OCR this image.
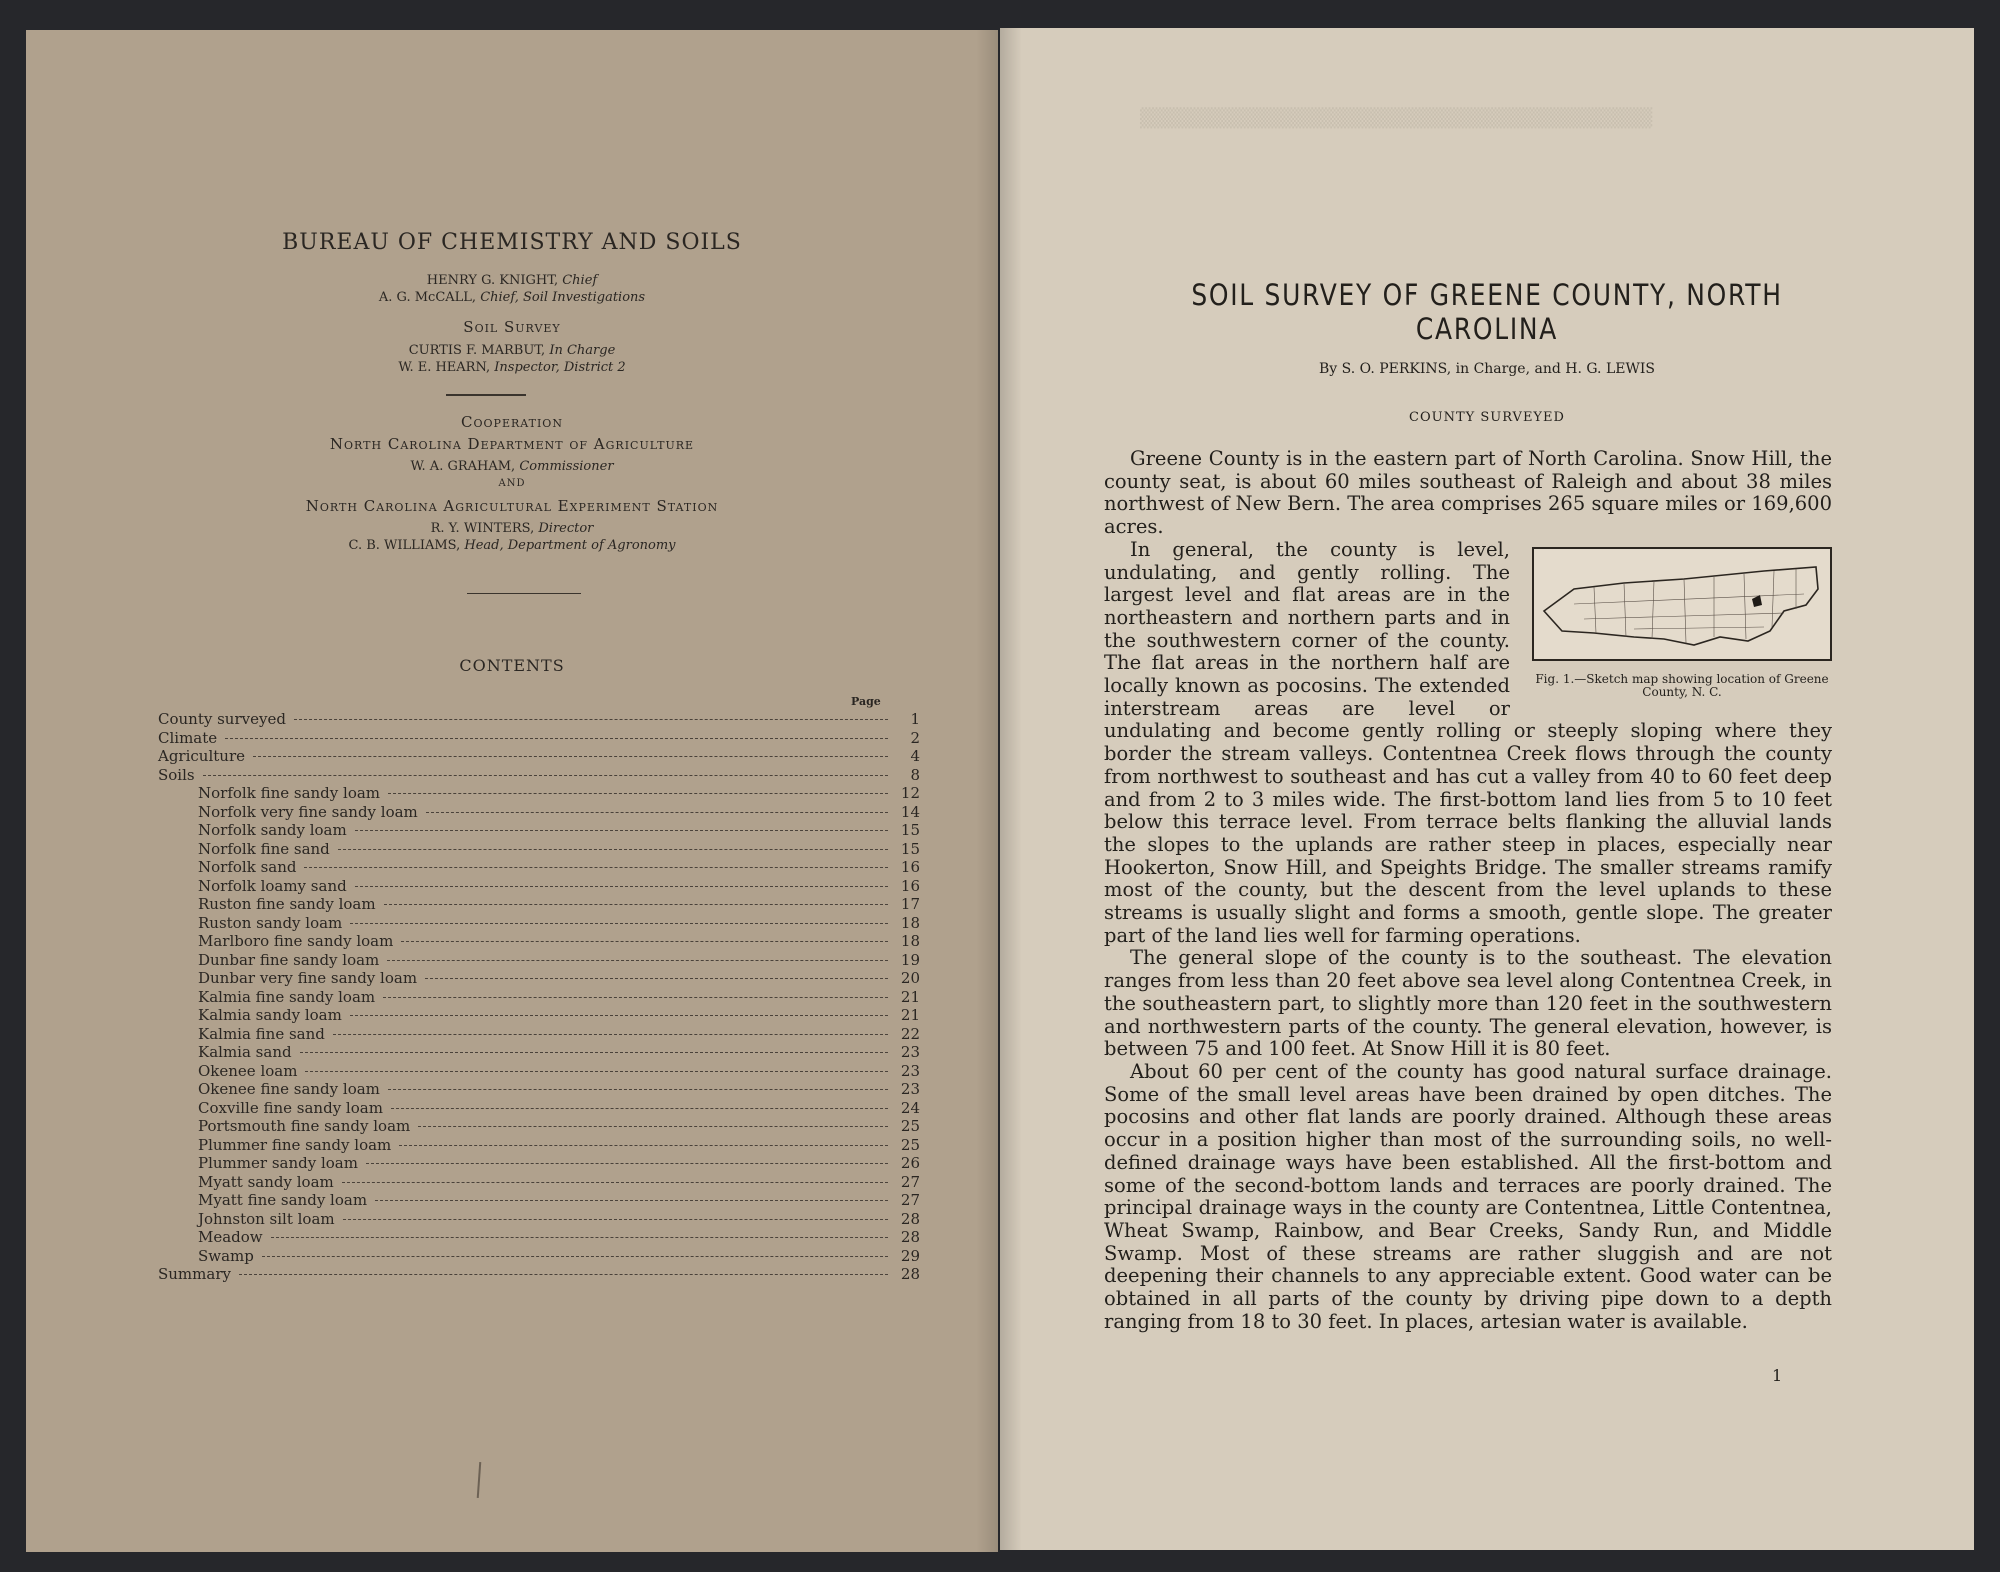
BUREAU OF CHEMISTRY AND SOILS
HENRY G. KNIGHT, Chief
A. G. McCALL, Chief, Soil Investigations
Soil Survey
CURTIS F. MARBUT, In Charge
W. E. HEARN, Inspector, District 2
Cooperation
North Carolina Department of Agriculture
W. A. GRAHAM, Commissioner
AND
North Carolina Agricultural Experiment Station
R. Y. WINTERS, Director
C. B. WILLIAMS, Head, Department of Agronomy
CONTENTS
Page
County surveyed	1
Climate	2
Agriculture	4
Soils	8
Norfolk fine sandy loam	12
Norfolk very fine sandy loam	14
Norfolk sandy loam	15
Norfolk fine sand	15
Norfolk sand	16
Norfolk loamy sand	16
Ruston fine sandy loam	17
Ruston sandy loam	18
Marlboro fine sandy loam	18
Dunbar fine sandy loam	19
Dunbar very fine sandy loam	20
Kalmia fine sandy loam	21
Kalmia sandy loam	21
Kalmia fine sand	22
Kalmia sand	23
Okenee loam	23
Okenee fine sandy loam	23
Coxville fine sandy loam	24
Portsmouth fine sandy loam	25
Plummer fine sandy loam	25
Plummer sandy loam	26
Myatt sandy loam	27
Myatt fine sandy loam	27
Johnston silt loam	28
Meadow	28
Swamp	29
Summary	28
▒▒▒▒▒▒▒▒▒▒▒▒▒▒▒▒▒▒▒▒▒▒▒▒▒▒▒▒▒▒▒▒▒▒▒▒▒
SOIL SURVEY OF GREENE COUNTY, NORTH
CAROLINA
By S. O. PERKINS, in Charge, and H. G. LEWIS
COUNTY SURVEYED

Greene County is in the eastern part of North Carolina. Snow Hill, the county seat, is about 60 miles southeast of Raleigh and about 38 miles northwest of New Bern. The area comprises 265 square miles or 169,600 acres.

Fig. 1.—Sketch map showing location of Greene County, N. C.

In general, the county is level, undulating, and gently rolling. The largest level and flat areas are in the northeastern and northern parts and in the southwestern corner of the county. The flat areas in the northern half are locally known as pocosins. The extended interstream areas are level or undulating and become gently rolling or steeply sloping where they border the stream valleys. Contentnea Creek flows through the county from northwest to southeast and has cut a valley from 40 to 60 feet deep and from 2 to 3 miles wide. The first-bottom land lies from 5 to 10 feet below this terrace level. From terrace belts flanking the alluvial lands the slopes to the uplands are rather steep in places, especially near Hookerton, Snow Hill, and Speights Bridge. The smaller streams ramify most of the county, but the descent from the level uplands to these streams is usually slight and forms a smooth, gentle slope. The greater part of the land lies well for farming operations.

The general slope of the county is to the southeast. The elevation ranges from less than 20 feet above sea level along Contentnea Creek, in the southeastern part, to slightly more than 120 feet in the southwestern and northwestern parts of the county. The general elevation, however, is between 75 and 100 feet. At Snow Hill it is 80 feet.

About 60 per cent of the county has good natural surface drainage. Some of the small level areas have been drained by open ditches. The pocosins and other flat lands are poorly drained. Although these areas occur in a position higher than most of the surrounding soils, no well-defined drainage ways have been established. All the first-bottom and some of the second-bottom lands and terraces are poorly drained. The principal drainage ways in the county are Contentnea, Little Contentnea, Wheat Swamp, Rainbow, and Bear Creeks, Sandy Run, and Middle Swamp. Most of these streams are rather sluggish and are not deepening their channels to any appreciable extent. Good water can be obtained in all parts of the county by driving pipe down to a depth ranging from 18 to 30 feet. In places, artesian water is available.

1
